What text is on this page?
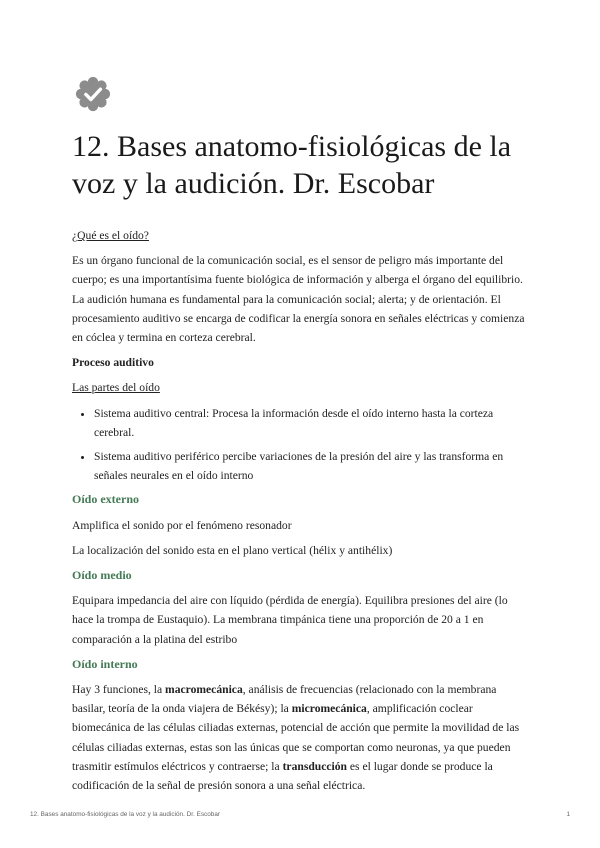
12. Bases anatomo-fisiológicas de la voz y la audición. Dr. Escobar

¿Qué es el oído?

Es un órgano funcional de la comunicación social, es el sensor de peligro más importante del cuerpo; es una importantísima fuente biológica de información y alberga el órgano del equilibrio. La audición humana es fundamental para la comunicación social; alerta; y de orientación. El procesamiento auditivo se encarga de codificar la energía sonora en señales eléctricas y comienza en cóclea y termina en corteza cerebral.

Proceso auditivo

Las partes del oído

• Sistema auditivo central: Procesa la información desde el oído interno hasta la corteza cerebral.
• Sistema auditivo periférico percibe variaciones de la presión del aire y las transforma en señales neurales en el oído interno

Oído externo

Amplifica el sonido por el fenómeno resonador

La localización del sonido esta en el plano vertical (hélix y antihélix)

Oído medio

Equipara impedancia del aire con líquido (pérdida de energía). Equilibra presiones del aire (lo hace la trompa de Eustaquio). La membrana timpánica tiene una proporción de 20 a 1 en comparación a la platina del estribo

Oído interno

Hay 3 funciones, la macromecánica, análisis de frecuencias (relacionado con la membrana basilar, teoría de la onda viajera de Békésy); la micromecánica, amplificación coclear biomecánica de las células ciliadas externas, potencial de acción que permite la movilidad de las células ciliadas externas, estas son las únicas que se comportan como neuronas, ya que pueden trasmitir estímulos eléctricos y contraerse; la transducción es el lugar donde se produce la codificación de la señal de presión sonora a una señal eléctrica.

12. Bases anatomo-fisiológicas de la voz y la audición. Dr. Escobar	1
